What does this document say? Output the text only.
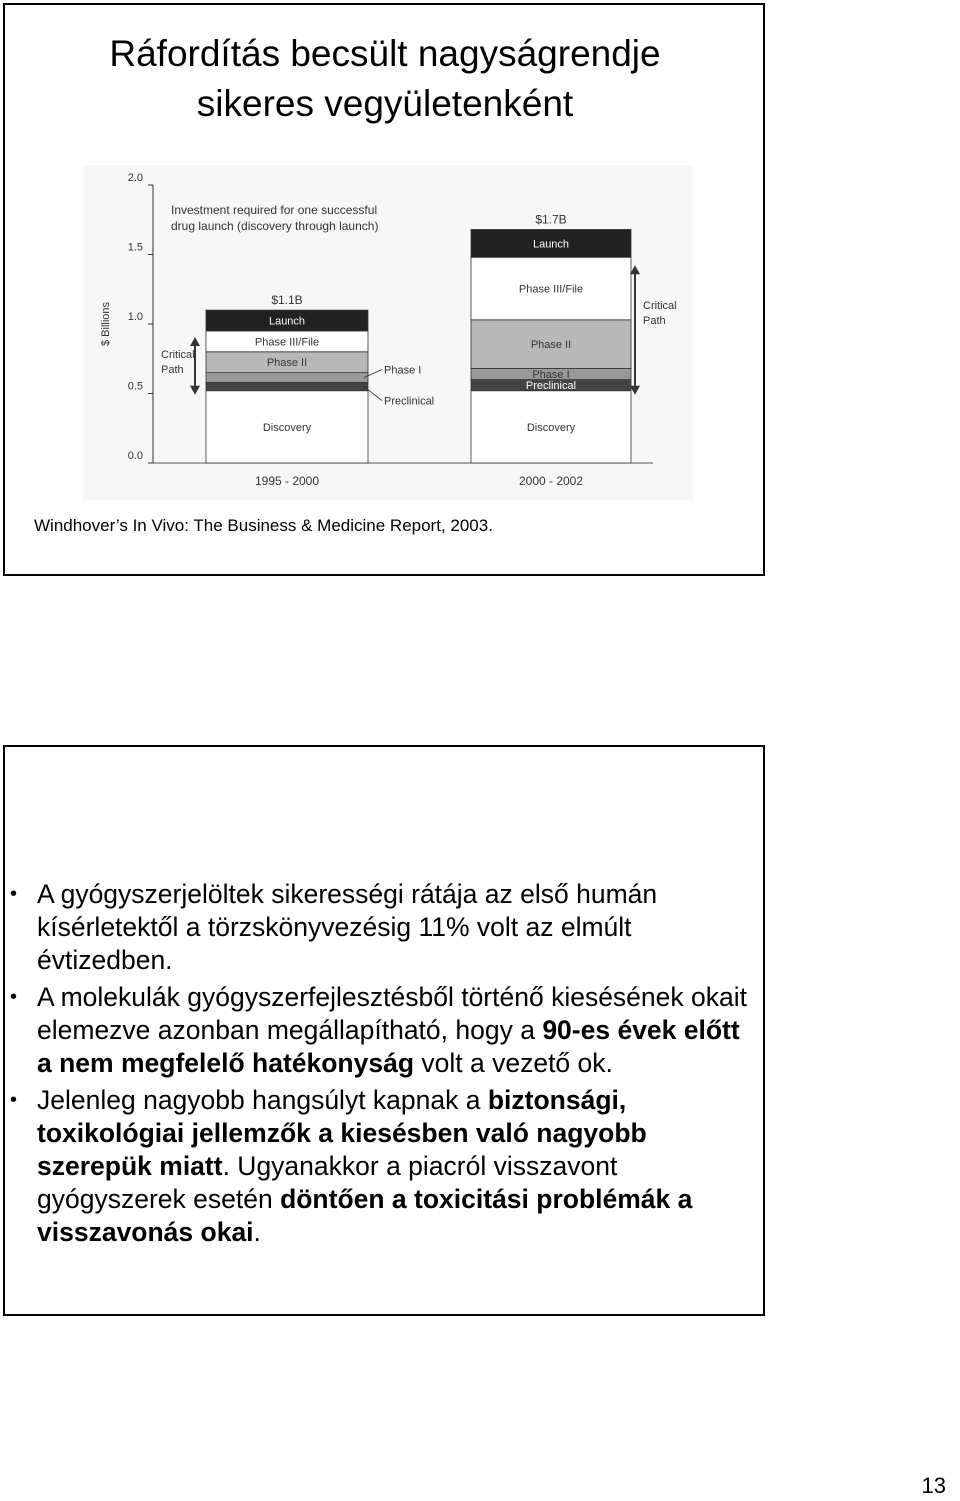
Ráfordítás becsült nagyságrendje
sikeres vegyületenként
0.0
0.5
1.0
1.5
2.0
$ Billions
Investment required for one successful
drug launch (discovery through launch)
Discovery
Preclinical
Phase I
Phase II
Phase III/File
Launch
$1.1B
1995 - 2000
Discovery
Preclinical
Phase I
Phase II
Phase III/File
Launch
$1.7B
2000 - 2002
Critical
Path
Critical
Path
Windhover’s In Vivo: The Business & Medicine Report, 2003.
• A gyógyszerjelöltek sikerességi rátája az első humán kísérletektől a törzskönyvezésig 11% volt az elmúlt évtizedben.
• A molekulák gyógyszerfejlesztésből történő kiesésének okait elemezve azonban megállapítható, hogy a 90-es évek előtt a nem megfelelő hatékonyság volt a vezető ok.
• Jelenleg nagyobb hangsúlyt kapnak a biztonsági, toxikológiai jellemzők a kiesésben való nagyobb szerepük miatt. Ugyanakkor a piacról visszavont gyógyszerek esetén döntően a toxicitási problémák a visszavonás okai.
13
